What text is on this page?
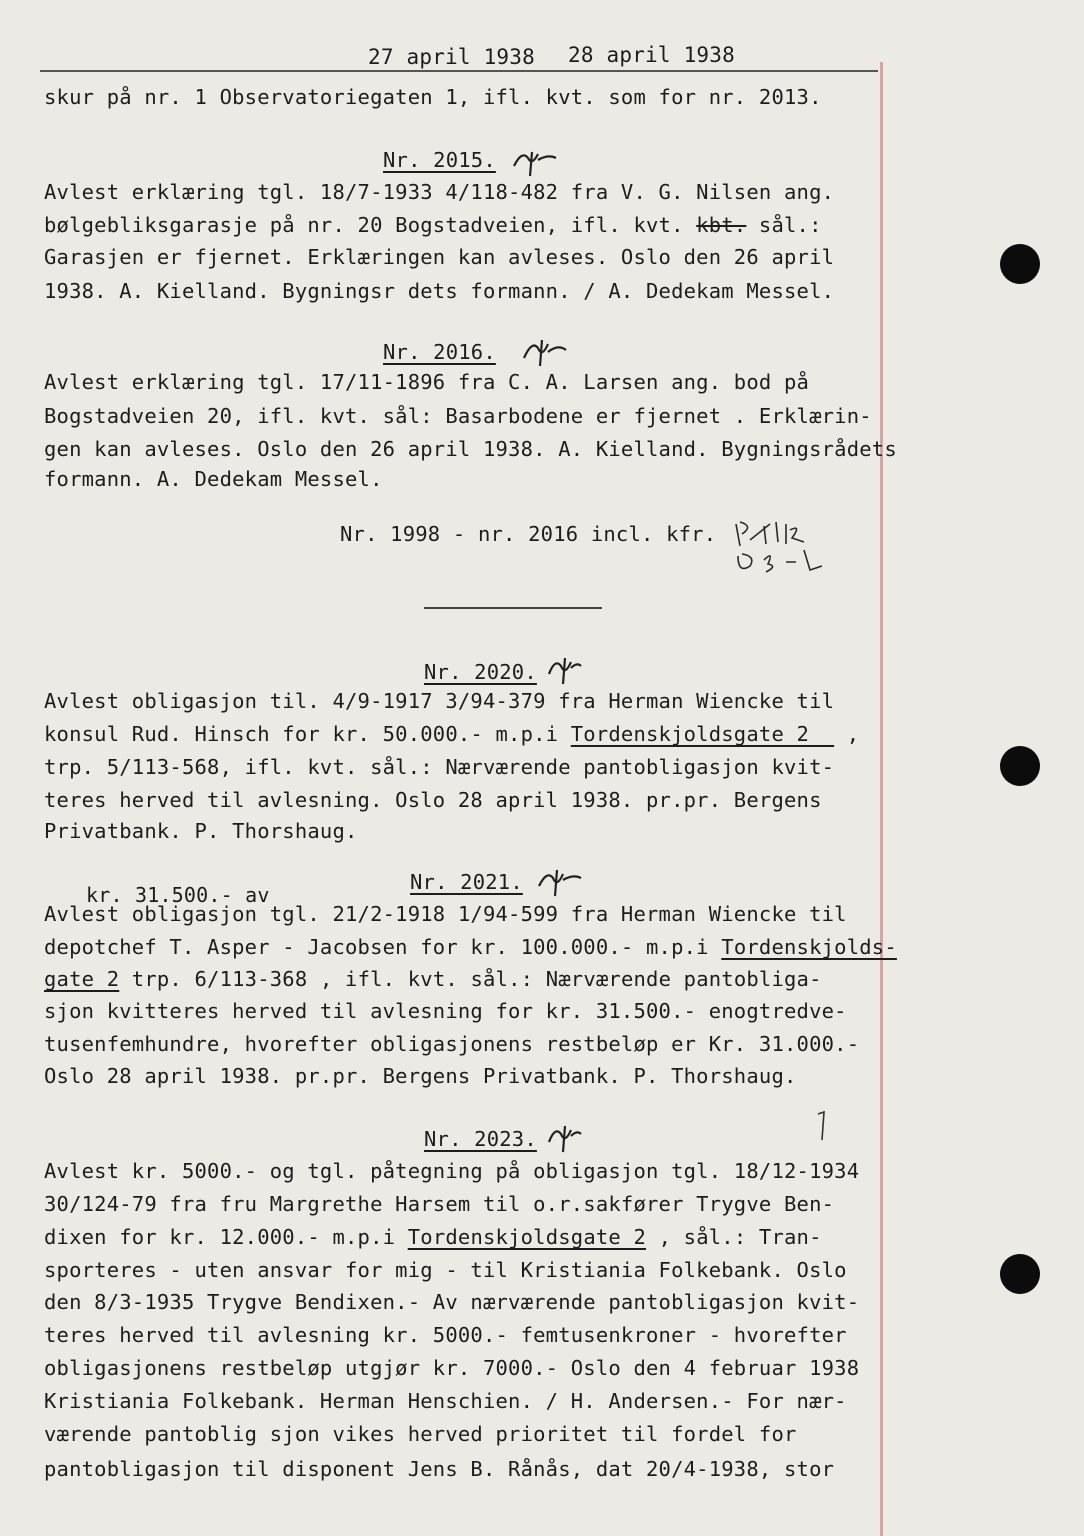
27 april 1938 28 april 1938
skur på nr. 1 Observatoriegaten 1, ifl. kvt. som for nr. 2013.
Nr. 2015.
Avlest erklæring tgl. 18/7-1933 4/118-482 fra V. G. Nilsen ang.
bølgebliksgarasje på nr. 20 Bogstadveien, ifl. kvt. kbt. sål.:
Garasjen er fjernet. Erklæringen kan avleses. Oslo den 26 april
1938. A. Kielland. Bygningsr dets formann. / A. Dedekam Messel.
Nr. 2016.
Avlest erklæring tgl. 17/11-1896 fra C. A. Larsen ang. bod på
Bogstadveien 20, ifl. kvt. sål: Basarbodene er fjernet . Erklærin-
gen kan avleses. Oslo den 26 april 1938. A. Kielland. Bygningsrådets
formann. A. Dedekam Messel.
Nr. 1998 - nr. 2016 incl. kfr.
Nr. 2020.
Avlest obligasjon til. 4/9-1917 3/94-379 fra Herman Wiencke til
konsul Rud. Hinsch for kr. 50.000.- m.p.i Tordenskjoldsgate 2__ ,
trp. 5/113-568, ifl. kvt. sål.: Nærværende pantobligasjon kvit-
teres herved til avlesning. Oslo 28 april 1938. pr.pr. Bergens
Privatbank. P. Thorshaug.
kr. 31.500.- av
Nr. 2021.
Avlest obligasjon tgl. 21/2-1918 1/94-599 fra Herman Wiencke til
depotchef T. Asper - Jacobsen for kr. 100.000.- m.p.i Tordenskjolds-
gate 2 trp. 6/113-368 , ifl. kvt. sål.: Nærværende pantobliga-
sjon kvitteres herved til avlesning for kr. 31.500.- enogtredve-
tusenfemhundre, hvorefter obligasjonens restbeløp er Kr. 31.000.-
Oslo 28 april 1938. pr.pr. Bergens Privatbank. P. Thorshaug.
Nr. 2023.
Avlest kr. 5000.- og tgl. påtegning på obligasjon tgl. 18/12-1934
30/124-79 fra fru Margrethe Harsem til o.r.sakfører Trygve Ben-
dixen for kr. 12.000.- m.p.i Tordenskjoldsgate 2 , sål.: Tran-
sporteres - uten ansvar for mig - til Kristiania Folkebank. Oslo
den 8/3-1935 Trygve Bendixen.- Av nærværende pantobligasjon kvit-
teres herved til avlesning kr. 5000.- femtusenkroner - hvorefter
obligasjonens restbeløp utgjør kr. 7000.- Oslo den 4 februar 1938
Kristiania Folkebank. Herman Henschien. / H. Andersen.- For nær-
værende pantoblig sjon vikes herved prioritet til fordel for
pantobligasjon til disponent Jens B. Rånås, dat 20/4-1938, stor
